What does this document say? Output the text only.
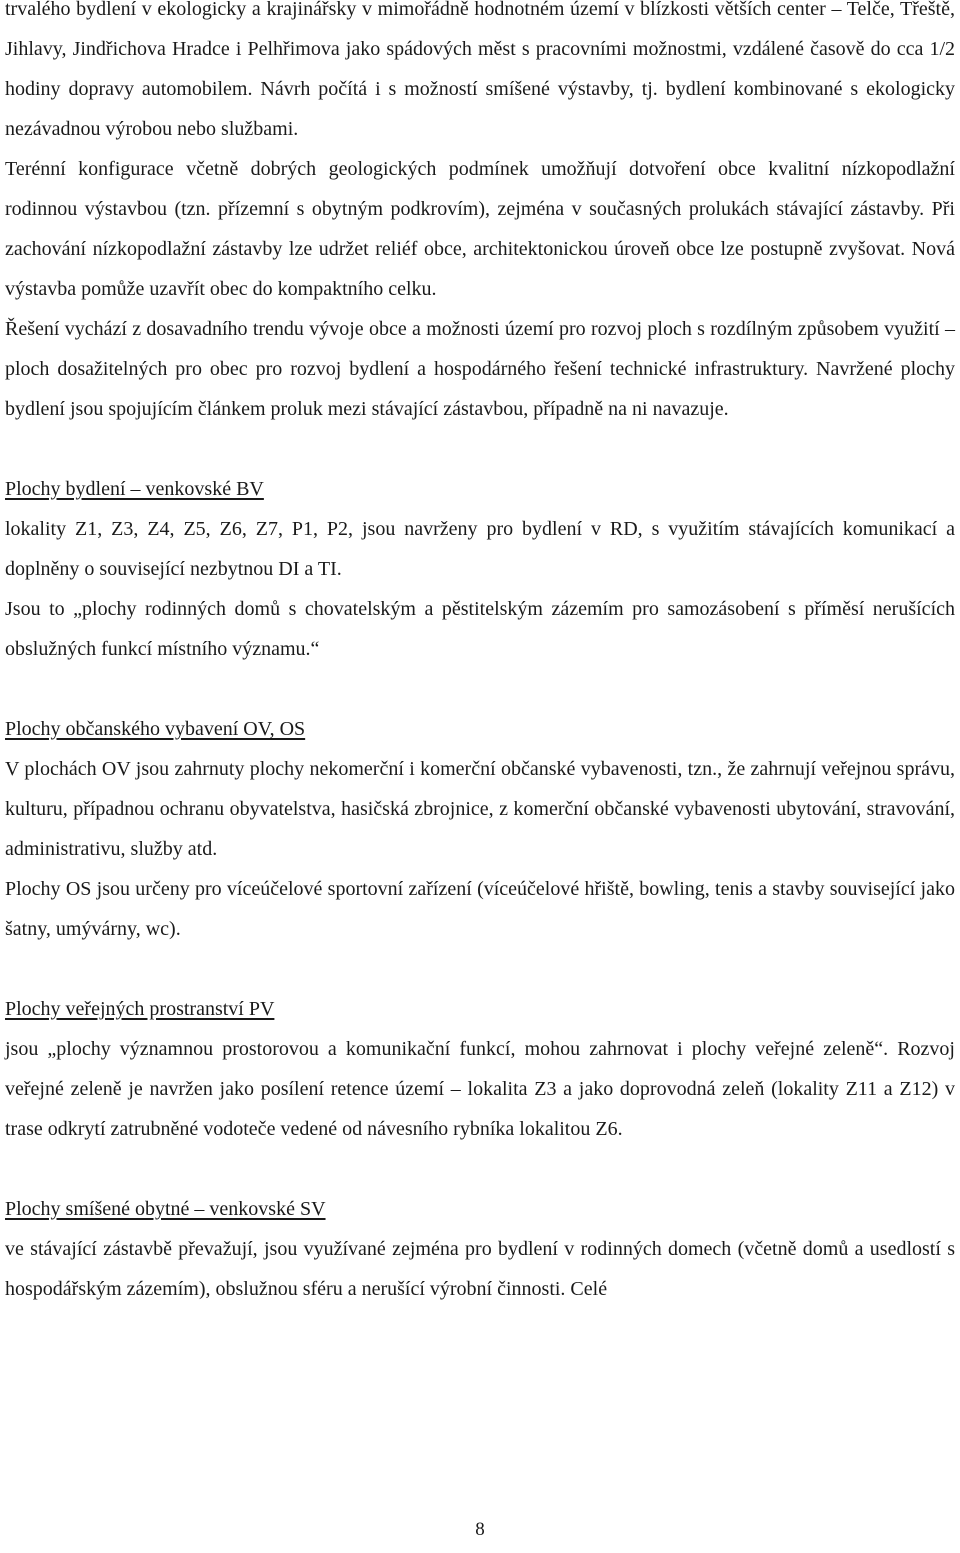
trvalého bydlení v ekologicky a krajinářsky v mimořádně hodnotném území v blízkosti větších center – Telče, Třeště, Jihlavy, Jindřichova Hradce i Pelhřimova jako spádových měst s pracovními možnostmi, vzdálené časově do cca 1/2 hodiny dopravy automobilem. Návrh počítá i s možností smíšené výstavby, tj. bydlení kombinované s ekologicky nezávadnou výrobou nebo službami.

Terénní konfigurace včetně dobrých geologických podmínek umožňují dotvoření obce kvalitní nízkopodlažní rodinnou výstavbou (tzn. přízemní s obytným podkrovím), zejména v současných prolukách stávající zástavby. Při zachování nízkopodlažní zástavby lze udržet reliéf obce, architektonickou úroveň obce lze postupně zvyšovat. Nová výstavba pomůže uzavřít obec do kompaktního celku.

Řešení vychází z dosavadního trendu vývoje obce a možnosti území pro rozvoj ploch s rozdílným způsobem využití – ploch dosažitelných pro obec pro rozvoj bydlení a hospodárného řešení technické infrastruktury. Navržené plochy bydlení jsou spojujícím článkem proluk mezi stávající zástavbou, případně na ni navazuje.

Plochy bydlení – venkovské BV

lokality Z1, Z3, Z4, Z5, Z6, Z7, P1, P2, jsou navrženy pro bydlení v RD, s využitím stávajících komunikací a doplněny o související nezbytnou DI a TI.

Jsou to „plochy rodinných domů s chovatelským a pěstitelským zázemím pro samozásobení s příměsí nerušících obslužných funkcí místního významu.“

Plochy občanského vybavení OV, OS

V plochách OV jsou zahrnuty plochy nekomerční i komerční občanské vybavenosti, tzn., že zahrnují veřejnou správu, kulturu, případnou ochranu obyvatelstva, hasičská zbrojnice, z komerční občanské vybavenosti ubytování, stravování, administrativu, služby atd.

Plochy OS jsou určeny pro víceúčelové sportovní zařízení (víceúčelové hřiště, bowling, tenis a stavby související jako šatny, umývárny, wc).

Plochy veřejných prostranství PV

jsou „plochy významnou prostorovou a komunikační funkcí, mohou zahrnovat i plochy veřejné zeleně“. Rozvoj veřejné zeleně je navržen jako posílení retence území – lokalita Z3 a jako doprovodná zeleň (lokality Z11 a Z12) v trase odkrytí zatrubněné vodoteče vedené od návesního rybníka lokalitou Z6.

Plochy smíšené obytné – venkovské SV

ve stávající zástavbě převažují, jsou využívané zejména pro bydlení v rodinných domech (včetně domů a usedlostí s hospodářským zázemím), obslužnou sféru a nerušící výrobní činnosti. Celé

8
